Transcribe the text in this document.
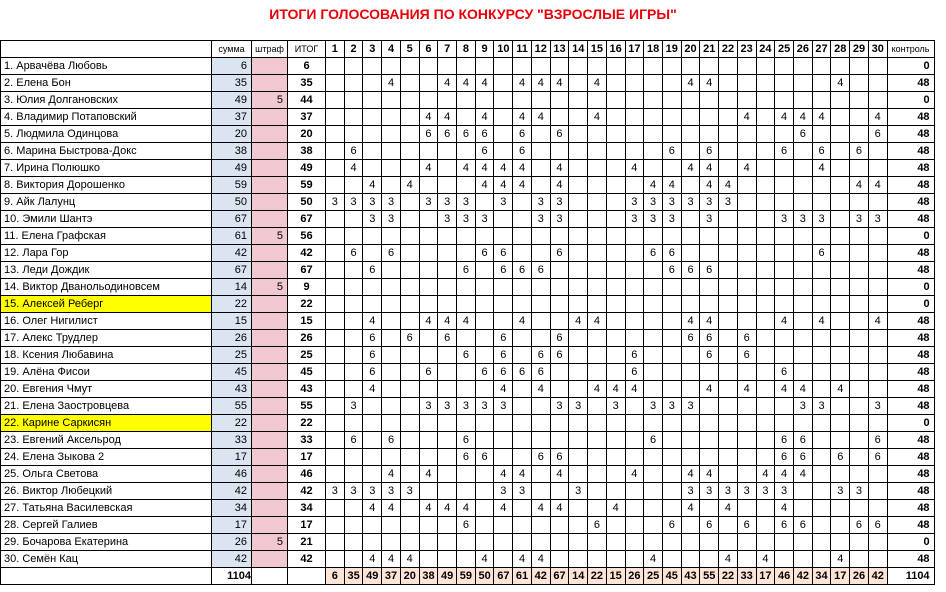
ИТОГИ ГОЛОСОВАНИЯ ПО КОНКУРСУ "ВЗРОСЛЫЕ ИГРЫ"
	сумма	штраф	ИТОГ	1	2	3	4	5	6	7	8	9	10	11	12	13	14	15	16	17	18	19	20	21	22	23	24	25	26	27	28	29	30	контроль
1. Арвачёва Любовь	6		6																															0
2. Елена Бон	35		35				4			4	4	4		4	4	4		4					4	4							4			48
3. Юлия Долгановских	49	5	44																															0
4. Владимир Потаповский	37		37						4	4		4		4	4			4								4		4	4	4			4	48
5. Людмила Одинцова	20		20						6	6	6	6		6		6													6				6	48
6. Марина Быстрова-Докс	38		38		6							6		6								6		6				6		6		6		48
7. Ирина Полюшко	49		49		4				4		4	4	4	4		4				4			4	4		4				4				48
8. Виктория Дорошенко	59		59			4		4				4	4	4		4					4	4		4	4							4	4	48
9. Айк Лалунц	50		50	3	3	3	3		3	3	3		3		3	3				3	3	3	3	3	3									48
10. Эмили Шантэ	67		67			3	3			3	3	3			3	3				3	3	3		3				3	3	3		3	3	48
11. Елена Графская	61	5	56																															0
12. Лара Гор	42		42		6		6					6	6			6					6	6								6				48
13. Леди Дождик	67		67			6					6		6	6	6							6	6	6										48
14. Виктор Дванольодиновсем	14	5	9																															0
15. Алексей Реберг	22		22																															0
16. Олег Нигилист	15		15			4			4	4	4			4			4	4					4	4				4		4			4	48
17. Алекс Трудлер	26		26			6		6		6			6			6							6	6		6								48
18. Ксения Любавина	25		25			6					6		6		6	6				6				6		6								48
19. Алёна Фисои	45		45			6			6			6	6	6	6					6								6						48
20. Евгения Чмут	43		43			4							4		4			4	4	4				4		4		4	4		4			48
21. Елена Заостровцева	55		55		3				3	3	3	3	3			3	3		3		3	3	3						3	3			3	48
22. Карине Саркисян	22		22																															0
23. Евгений Аксельрод	33		33		6		6				6										6							6	6				6	48
24. Елена Зыкова 2	17		17								6	6			6	6												6	6		6		6	48
25. Ольга Светова	46		46				4		4				4	4		4				4			4	4			4	4	4					48
26. Виктор Любецкий	42		42	3	3	3	3	3					3	3			3						3	3	3	3	3	3			3	3		48
27. Татьяна Василевская	34		34			4	4		4	4	4		4		4	4			4				4		4			4						48
28. Сергей Галиев	17		17								6							6				6		6		6		6	6			6	6	48
29. Бочарова Екатерина	26	5	21																															0
30. Семён Кац	42		42			4	4	4				4		4	4						4				4		4				4			48
	1104			6	35	49	37	20	38	49	59	50	67	61	42	67	14	22	15	26	25	45	43	55	22	33	17	46	42	34	17	26	42	1104
